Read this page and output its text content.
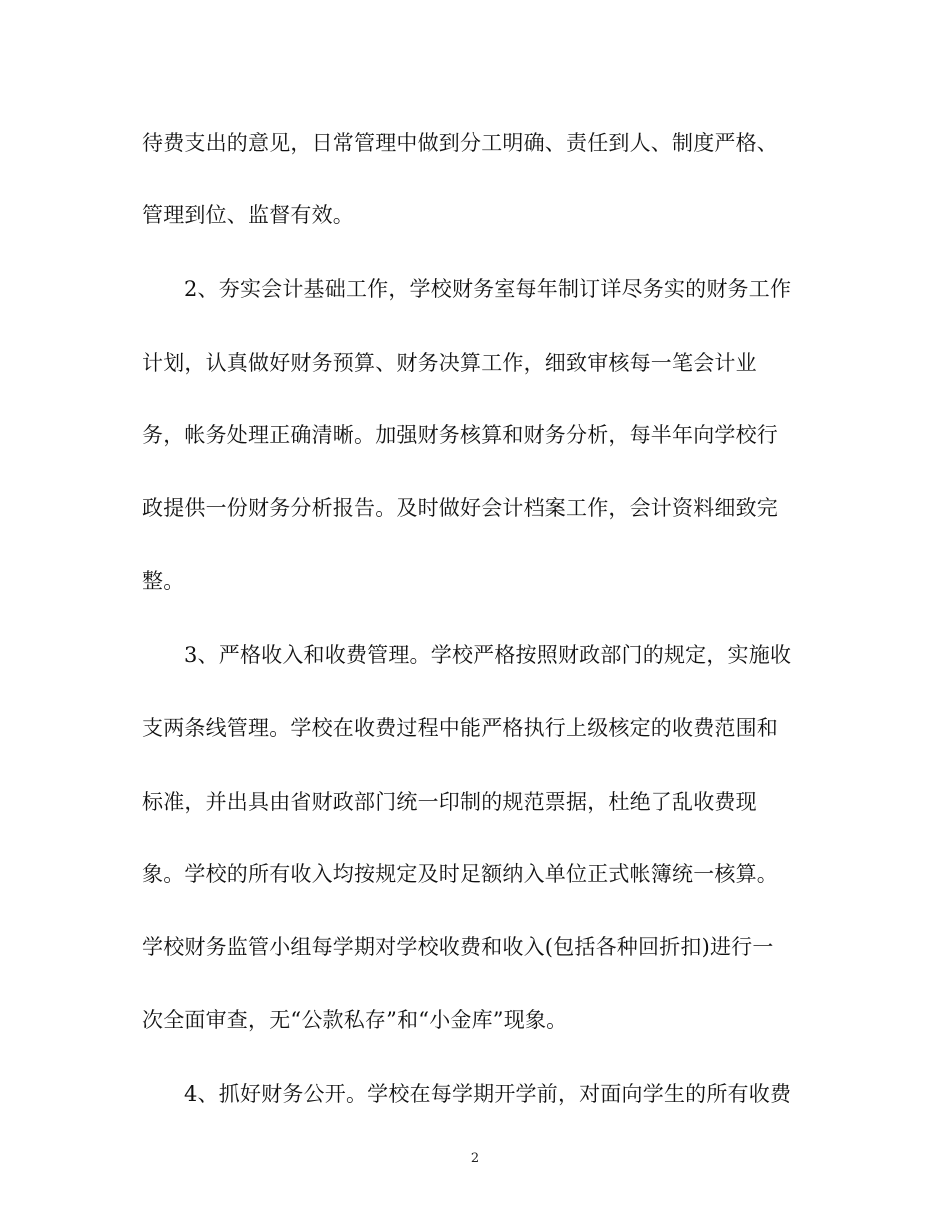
待费支出的意见，日常管理中做到分工明确、责任到人、制度严格、
管理到位、监督有效。
2、夯实会计基础工作，学校财务室每年制订详尽务实的财务工作
计划，认真做好财务预算、财务决算工作，细致审核每一笔会计业
务，帐务处理正确清晰。加强财务核算和财务分析，每半年向学校行
政提供一份财务分析报告。及时做好会计档案工作，会计资料细致完
整。
3、严格收入和收费管理。学校严格按照财政部门的规定，实施收
支两条线管理。学校在收费过程中能严格执行上级核定的收费范围和
标准，并出具由省财政部门统一印制的规范票据，杜绝了乱收费现
象。学校的所有收入均按规定及时足额纳入单位正式帐簿统一核算。
学校财务监管小组每学期对学校收费和收入(包括各种回折扣)进行一
次全面审查，无“公款私存”和“小金库”现象。
4、抓好财务公开。学校在每学期开学前，对面向学生的所有收费
2
